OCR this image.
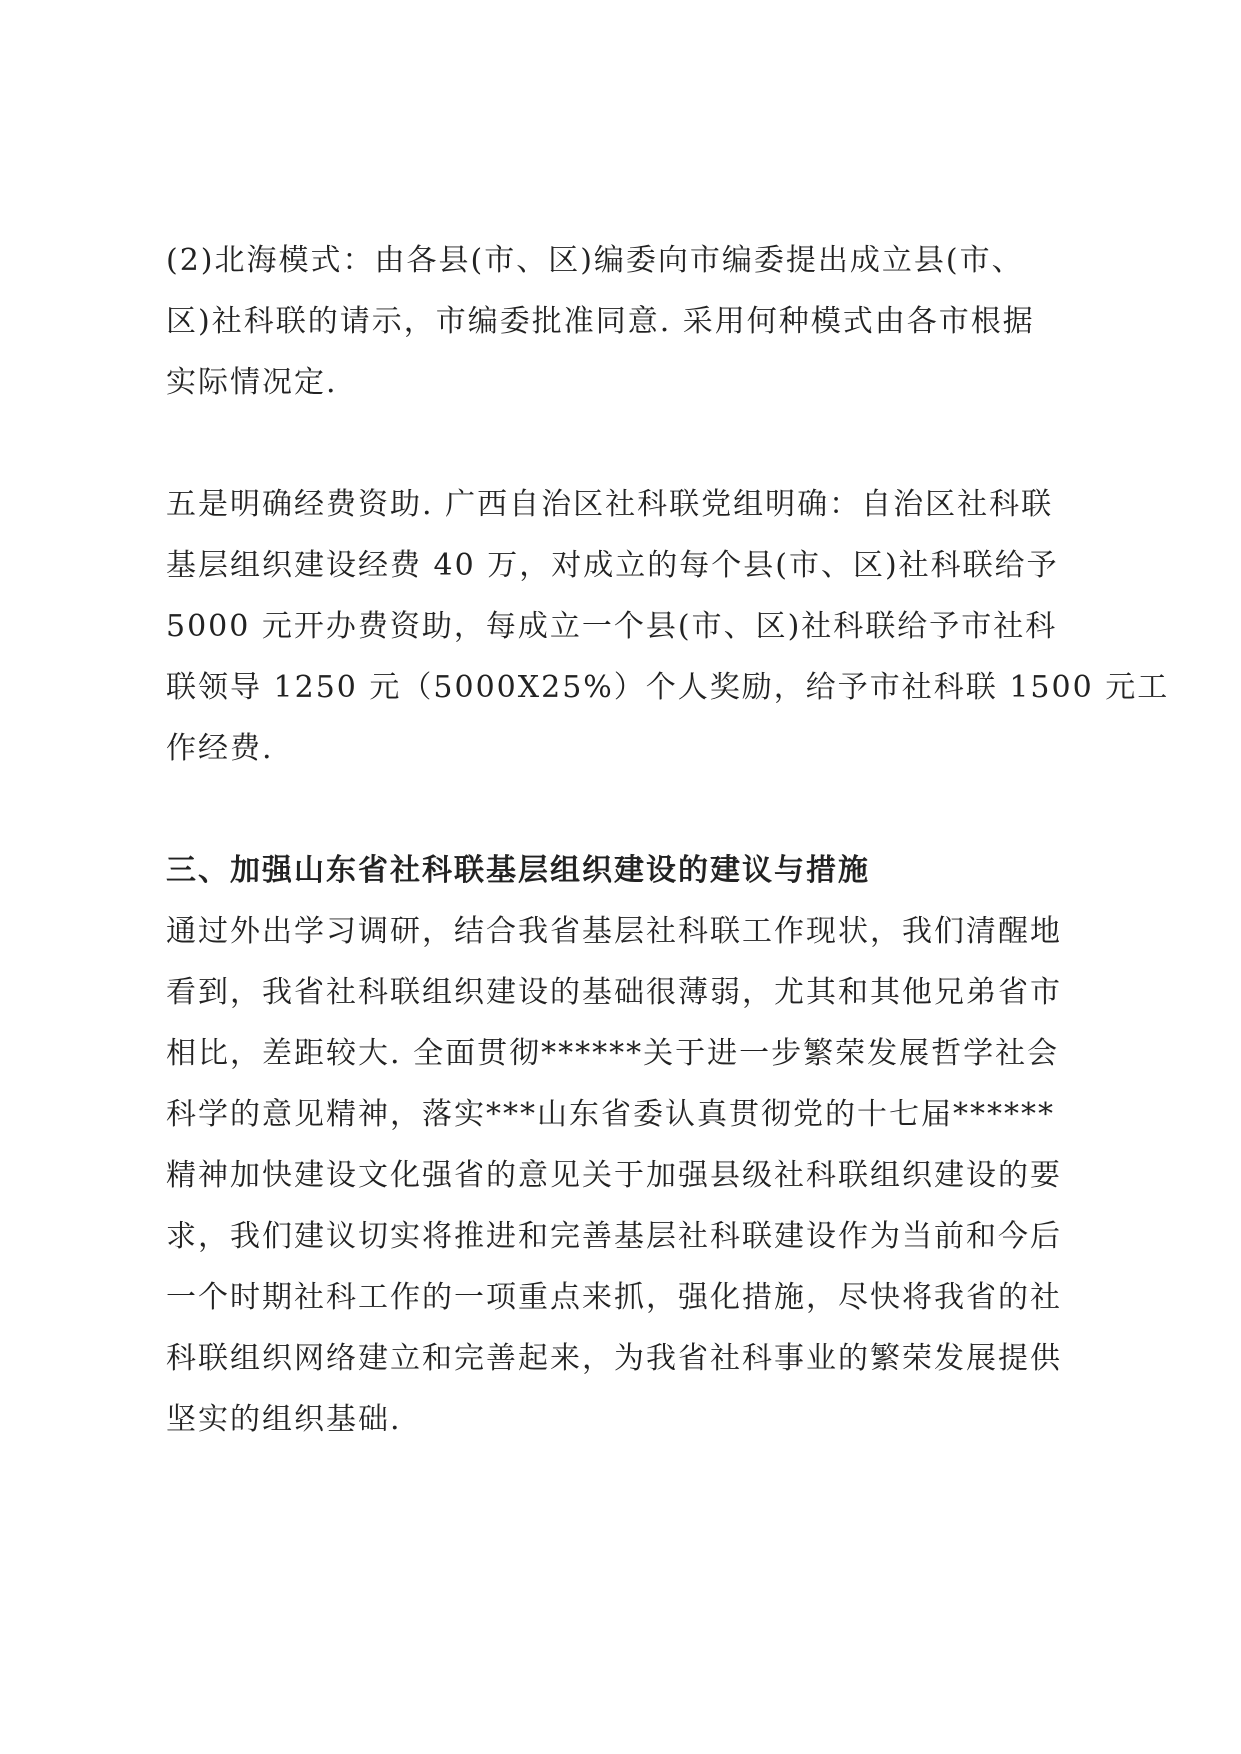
(2)北海模式：由各县(市、区)编委向市编委提出成立县(市、
区)社科联的请示，市编委批准同意. 采用何种模式由各市根据
实际情况定.
五是明确经费资助. 广西自治区社科联党组明确：自治区社科联
基层组织建设经费 40 万，对成立的每个县(市、区)社科联给予
5000 元开办费资助，每成立一个县(市、区)社科联给予市社科
联领导 1250 元（5000X25%）个人奖励，给予市社科联 1500 元工
作经费.
三、加强山东省社科联基层组织建设的建议与措施
通过外出学习调研，结合我省基层社科联工作现状，我们清醒地
看到，我省社科联组织建设的基础很薄弱，尤其和其他兄弟省市
相比，差距较大. 全面贯彻******关于进一步繁荣发展哲学社会
科学的意见精神，落实***山东省委认真贯彻党的十七届******
精神加快建设文化强省的意见关于加强县级社科联组织建设的要
求，我们建议切实将推进和完善基层社科联建设作为当前和今后
一个时期社科工作的一项重点来抓，强化措施，尽快将我省的社
科联组织网络建立和完善起来，为我省社科事业的繁荣发展提供
坚实的组织基础.
